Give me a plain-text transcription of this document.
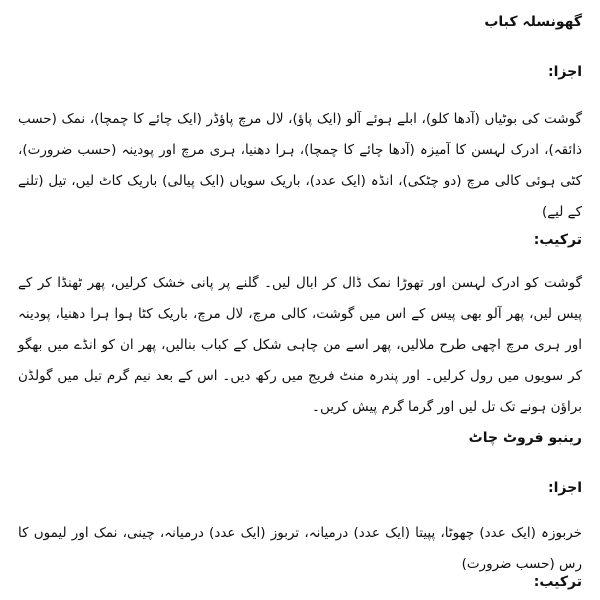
گھونسلہ کباب
اجزا:
گوشت کی بوٹیاں (آدھا کلو)، ابلے ہوئے آلو (ایک پاؤ)، لال مرچ پاؤڈر (ایک چائے کا چمچا)، نمک (حسب ذائقہ)، ادرک لہسن کا آمیزہ (آدھا چائے کا چمچا)، ہرا دھنیا، ہری مرچ اور پودینہ (حسب ضرورت)، کٹی ہوئی کالی مرچ (دو چٹکی)، انڈہ (ایک عدد)، باریک سویاں (ایک پیالی) باریک کاٹ لیں، تیل (تلنے کے لیے)
ترکیب:
گوشت کو ادرک لہسن اور تھوڑا نمک ڈال کر ابال لیں۔ گلنے پر پانی خشک کرلیں، پھر ٹھنڈا کر کے پیس لیں، پھر آلو بھی پیس کے اس میں گوشت، کالی مرچ، لال مرچ، باریک کٹا ہوا ہرا دھنیا، پودینہ اور ہری مرچ اچھی طرح ملالیں، پھر اسے من چاہی شکل کے کباب بنالیں، پھر ان کو انڈے میں بھگو کر سویوں میں رول کرلیں۔ اور پندرہ منٹ فریج میں رکھ دیں۔ اس کے بعد نیم گرم تیل میں گولڈن براؤن ہونے تک تل لیں اور گرما گرم پیش کریں۔
رینبو فروٹ چاٹ
اجزا:
خربوزہ (ایک عدد) چھوٹا، پپیتا (ایک عدد) درمیانہ، تربوز (ایک عدد) درمیانہ، چینی، نمک اور لیموں کا رس (حسب ضرورت)
ترکیب:
